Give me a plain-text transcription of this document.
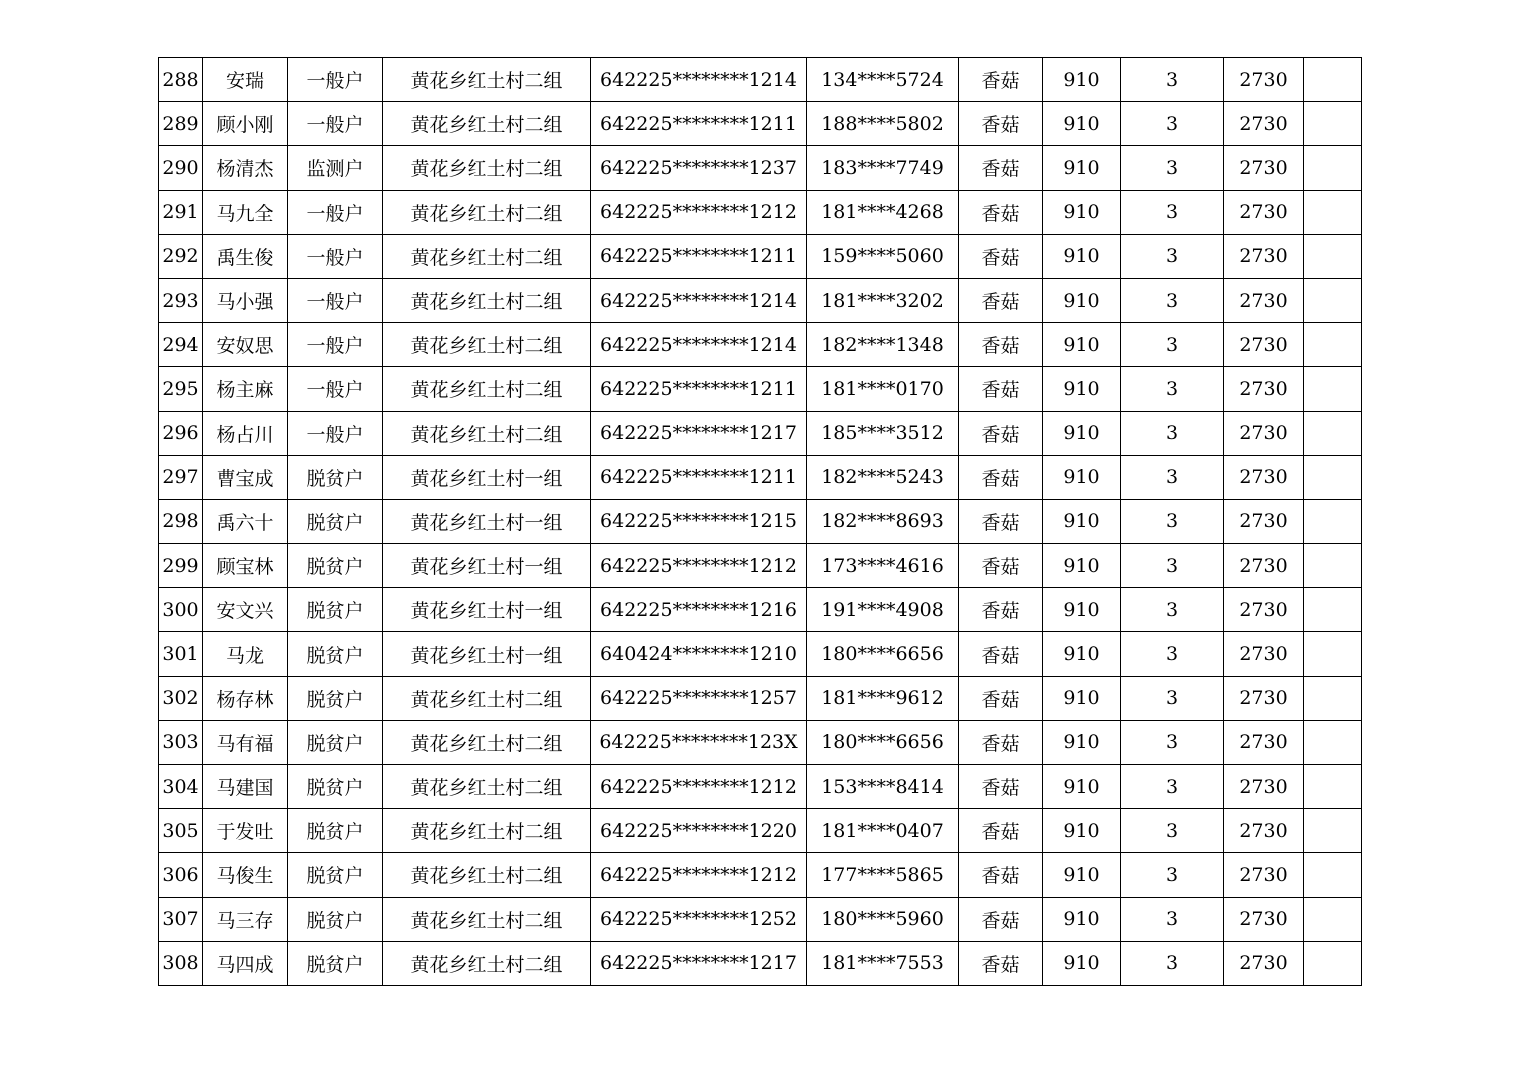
288	安瑞	一般户	黄花乡红土村二组	642225********1214	134****5724	香菇	910	3	2730	
289	顾小刚	一般户	黄花乡红土村二组	642225********1211	188****5802	香菇	910	3	2730	
290	杨清杰	监测户	黄花乡红土村二组	642225********1237	183****7749	香菇	910	3	2730	
291	马九全	一般户	黄花乡红土村二组	642225********1212	181****4268	香菇	910	3	2730	
292	禹生俊	一般户	黄花乡红土村二组	642225********1211	159****5060	香菇	910	3	2730	
293	马小强	一般户	黄花乡红土村二组	642225********1214	181****3202	香菇	910	3	2730	
294	安奴思	一般户	黄花乡红土村二组	642225********1214	182****1348	香菇	910	3	2730	
295	杨主麻	一般户	黄花乡红土村二组	642225********1211	181****0170	香菇	910	3	2730	
296	杨占川	一般户	黄花乡红土村二组	642225********1217	185****3512	香菇	910	3	2730	
297	曹宝成	脱贫户	黄花乡红土村一组	642225********1211	182****5243	香菇	910	3	2730	
298	禹六十	脱贫户	黄花乡红土村一组	642225********1215	182****8693	香菇	910	3	2730	
299	顾宝林	脱贫户	黄花乡红土村一组	642225********1212	173****4616	香菇	910	3	2730	
300	安文兴	脱贫户	黄花乡红土村一组	642225********1216	191****4908	香菇	910	3	2730	
301	马龙	脱贫户	黄花乡红土村一组	640424********1210	180****6656	香菇	910	3	2730	
302	杨存林	脱贫户	黄花乡红土村二组	642225********1257	181****9612	香菇	910	3	2730	
303	马有福	脱贫户	黄花乡红土村二组	642225********123X	180****6656	香菇	910	3	2730	
304	马建国	脱贫户	黄花乡红土村二组	642225********1212	153****8414	香菇	910	3	2730	
305	于发吐	脱贫户	黄花乡红土村二组	642225********1220	181****0407	香菇	910	3	2730	
306	马俊生	脱贫户	黄花乡红土村二组	642225********1212	177****5865	香菇	910	3	2730	
307	马三存	脱贫户	黄花乡红土村二组	642225********1252	180****5960	香菇	910	3	2730	
308	马四成	脱贫户	黄花乡红土村二组	642225********1217	181****7553	香菇	910	3	2730	
